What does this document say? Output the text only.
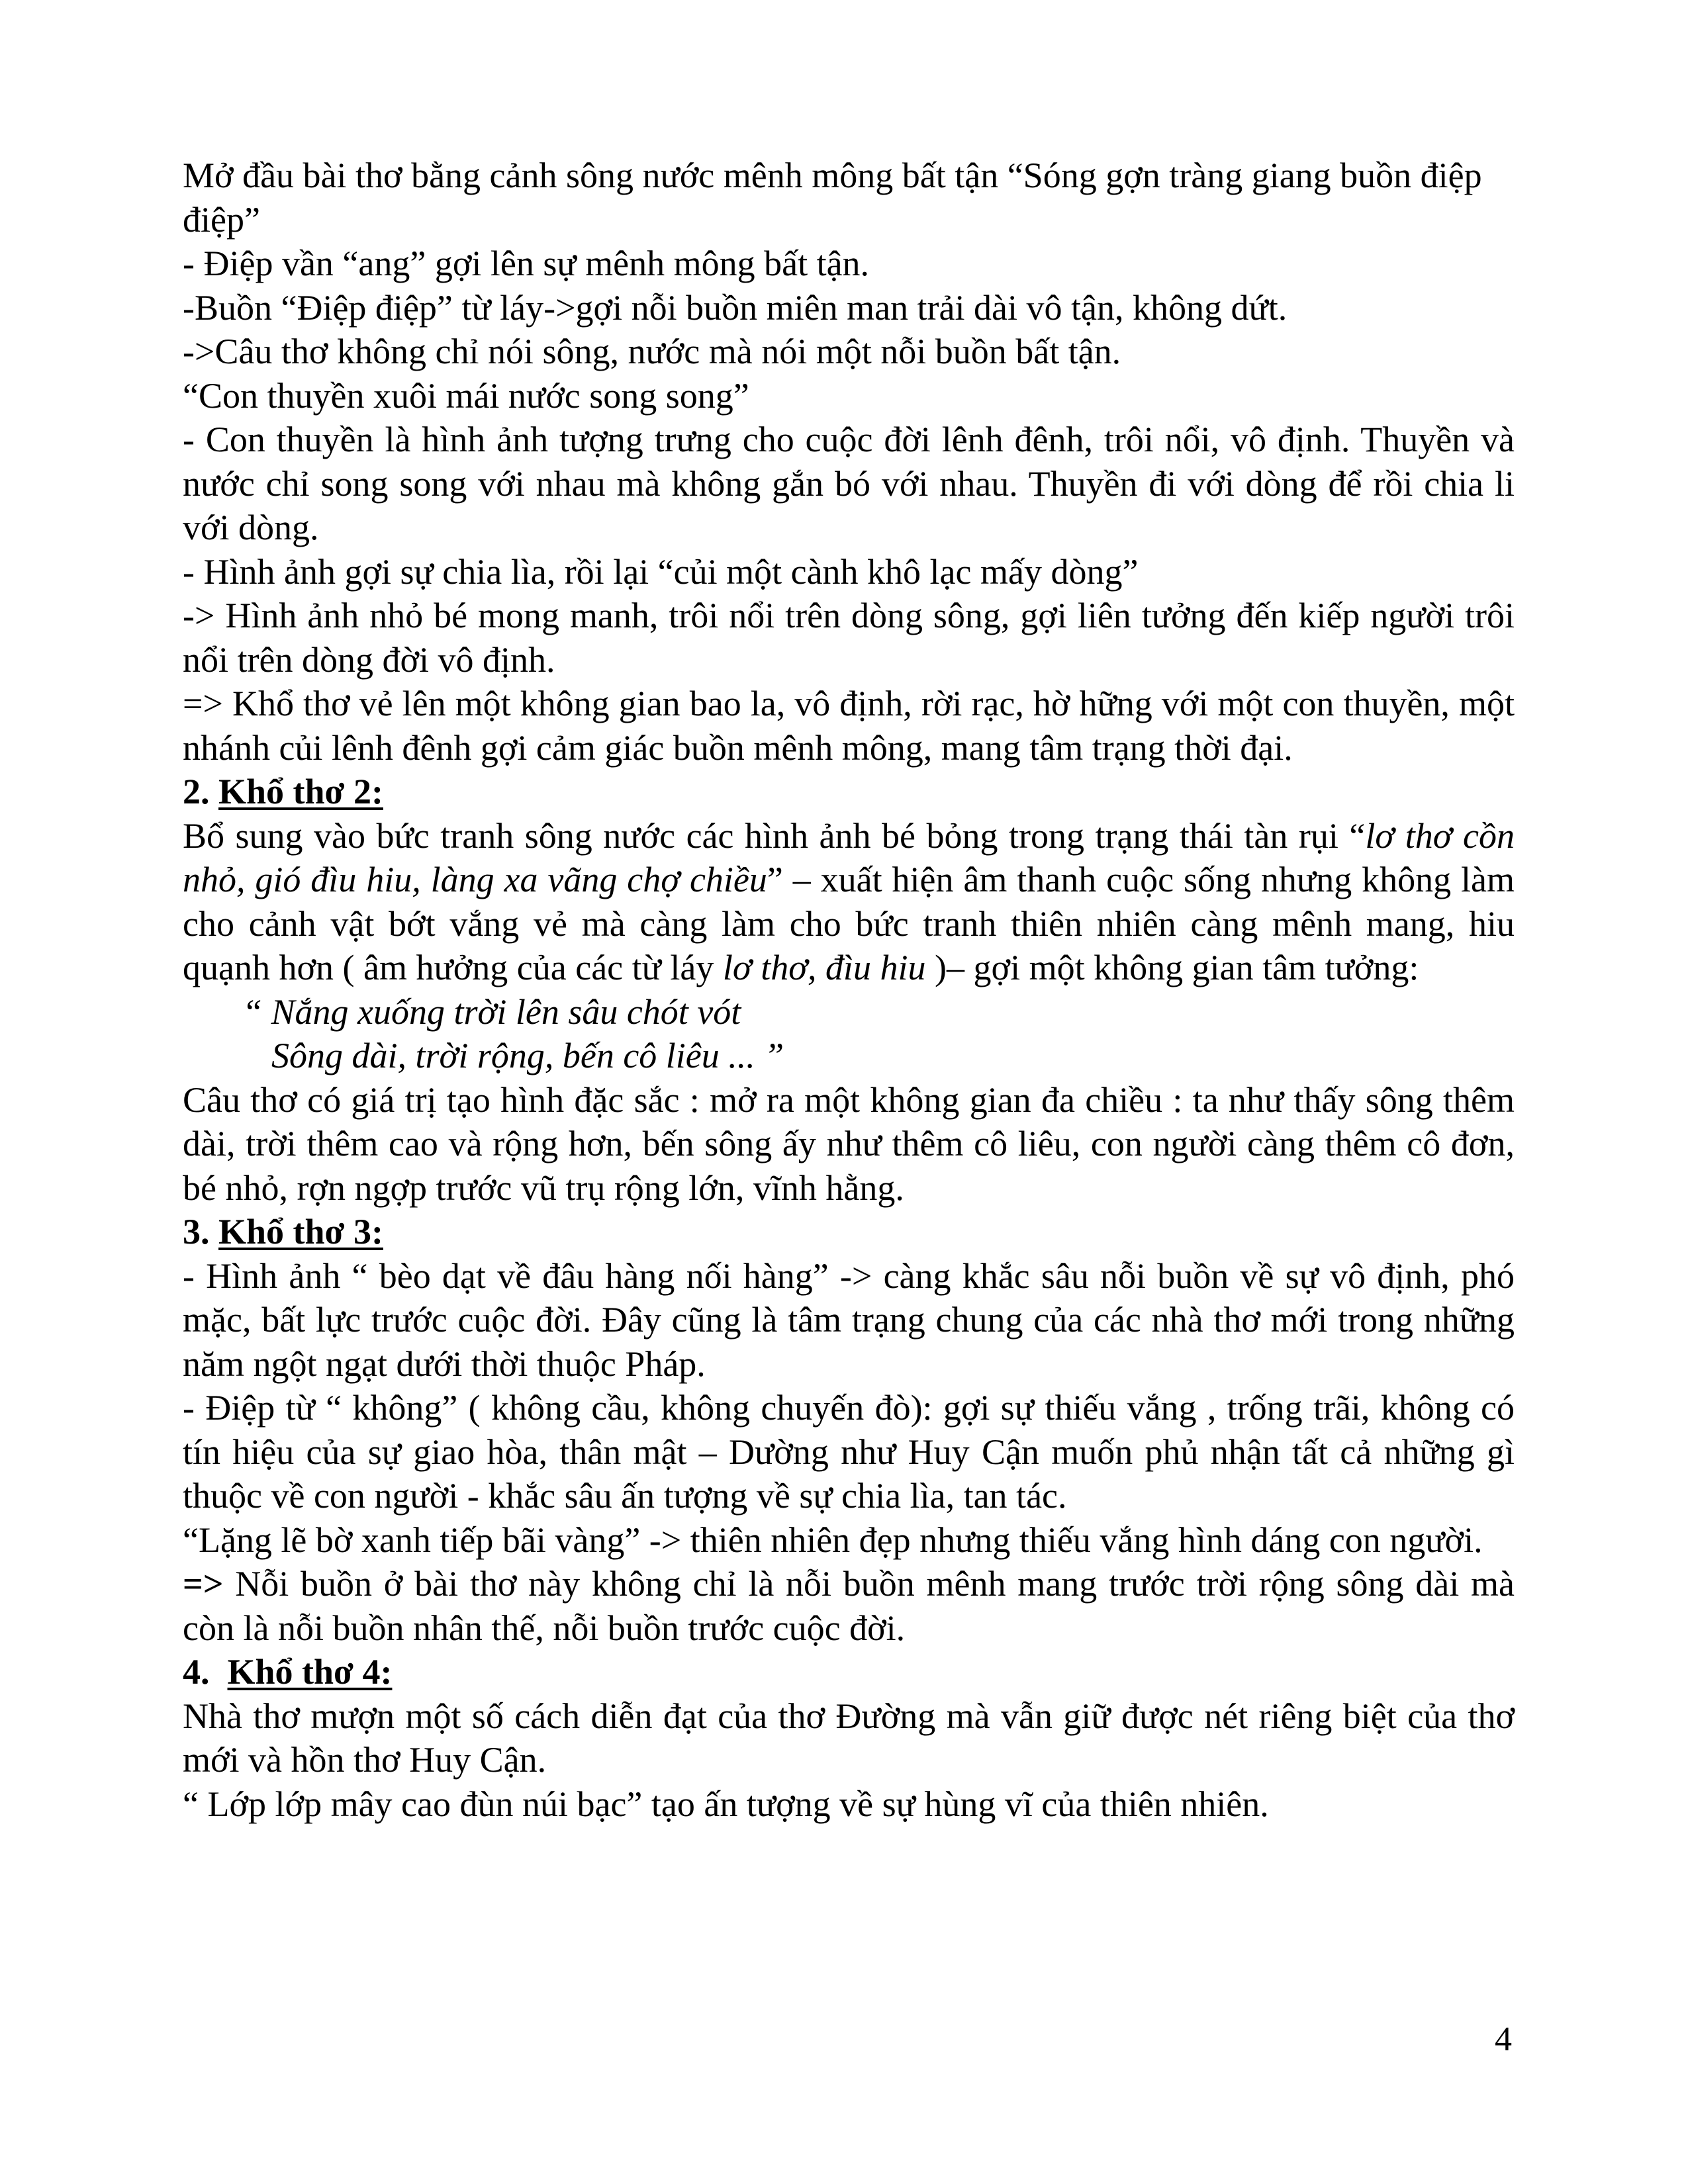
Mở đầu bài thơ bằng cảnh sông nước mênh mông bất tận “Sóng gợn tràng giang buồn điệp điệp”

- Điệp vần “ang” gợi lên sự mênh mông bất tận.

-Buồn “Điệp điệp” từ láy->gợi nỗi buồn miên man trải dài vô tận, không dứt.

->Câu thơ không chỉ nói sông, nước mà nói một nỗi buồn bất tận.

“Con thuyền xuôi mái nước song song”

- Con thuyền là hình ảnh tượng trưng cho cuộc đời lênh đênh, trôi nổi, vô định. Thuyền và nước chỉ song song với nhau mà không gắn bó với nhau. Thuyền đi với dòng để rồi chia li với dòng.

- Hình ảnh gợi sự chia lìa, rồi lại “củi một cành khô lạc mấy dòng”

-> Hình ảnh nhỏ bé mong manh, trôi nổi trên dòng sông, gợi liên tưởng đến kiếp người trôi nổi trên dòng đời vô định.

=> Khổ thơ vẻ lên một không gian bao la, vô định, rời rạc, hờ hững với một con thuyền, một nhánh củi lênh đênh gợi cảm giác buồn mênh mông, mang tâm trạng thời đại.

2. Khổ thơ 2:

Bổ sung vào bức tranh sông nước các hình ảnh bé bỏng trong trạng thái tàn rụi “lơ thơ cồn nhỏ, gió đìu hiu, làng xa vãng chợ chiều” – xuất hiện âm thanh cuộc sống nhưng không làm cho cảnh vật bớt vắng vẻ mà càng làm cho bức tranh thiên nhiên càng mênh mang, hiu quạnh hơn ( âm hưởng của các từ láy lơ thơ, đìu hiu )– gợi một không gian tâm tưởng:

“ Nắng xuống trời lên sâu chót vót

Sông dài, trời rộng, bến cô liêu ... ”

Câu thơ có giá trị tạo hình đặc sắc : mở ra một không gian đa chiều : ta như thấy sông thêm dài, trời thêm cao và rộng hơn, bến sông ấy như thêm cô liêu, con người càng thêm cô đơn, bé nhỏ, rợn ngợp trước vũ trụ rộng lớn, vĩnh hằng.

3. Khổ thơ 3:

- Hình ảnh “ bèo dạt về đâu hàng nối hàng” -> càng khắc sâu nỗi buồn về sự vô định, phó mặc, bất lực trước cuộc đời. Đây cũng là tâm trạng chung của các nhà thơ mới trong những năm ngột ngạt dưới thời thuộc Pháp.

- Điệp từ “ không” ( không cầu, không chuyến đò): gợi sự thiếu vắng , trống trãi, không có tín hiệu của sự giao hòa, thân mật – Dường như Huy Cận muốn phủ nhận tất cả những gì thuộc về con người - khắc sâu ấn tượng về sự chia lìa, tan tác.

“Lặng lẽ bờ xanh tiếp bãi vàng” -> thiên nhiên đẹp nhưng thiếu vắng hình dáng con người.

=> Nỗi buồn ở bài thơ này không chỉ là nỗi buồn mênh mang trước trời rộng sông dài mà còn là nỗi buồn nhân thế, nỗi buồn trước cuộc đời.

4.  Khổ thơ 4:

Nhà thơ mượn một số cách diễn đạt của thơ Đường mà vẫn giữ được nét riêng biệt của thơ mới và hồn thơ Huy Cận.

“ Lớp lớp mây cao đùn núi bạc” tạo ấn tượng về sự hùng vĩ của thiên nhiên.

4
